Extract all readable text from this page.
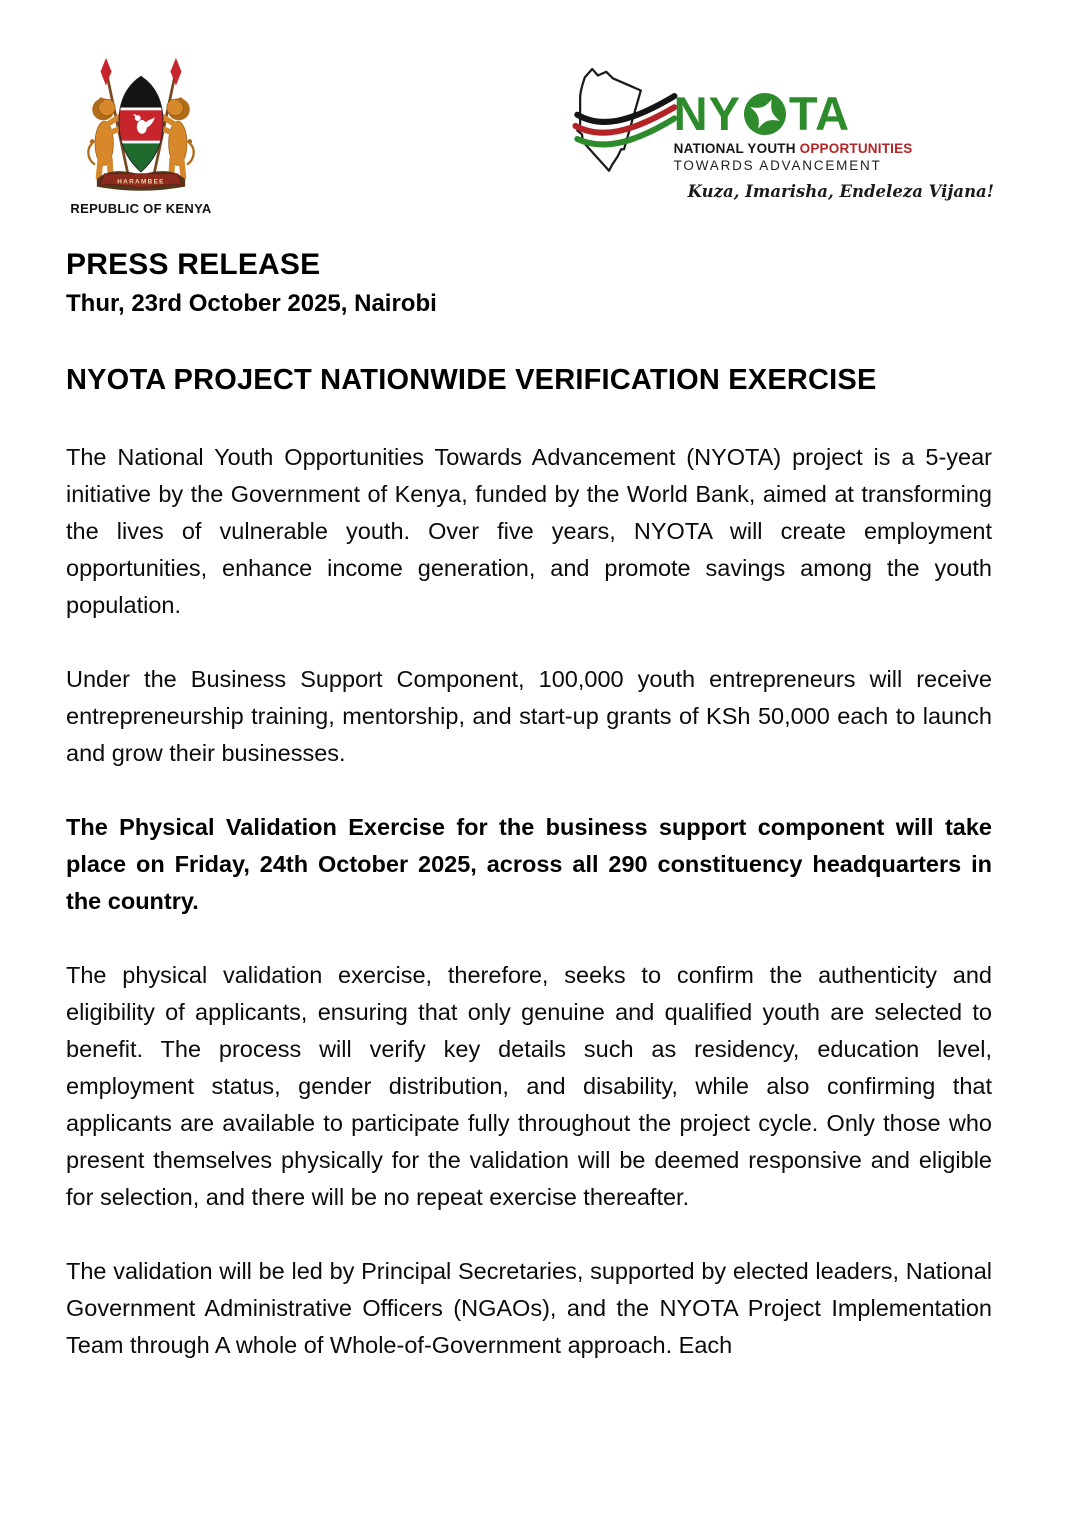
HARAMBEE
REPUBLIC OF KENYA
NY TA
NATIONAL YOUTH OPPORTUNITIES
TOWARDS ADVANCEMENT
Kuza, Imarisha, Endeleza Vijana!
PRESS RELEASE
Thur, 23rd October 2025, Nairobi
NYOTA PROJECT NATIONWIDE VERIFICATION EXERCISE

The National Youth Opportunities Towards Advancement (NYOTA) project is a 5-year initiative by the Government of Kenya, funded by the World Bank, aimed at transforming the lives of vulnerable youth. Over five years, NYOTA will create employment opportunities, enhance income generation, and promote savings among the youth population.

Under the Business Support Component, 100,000 youth entrepreneurs will receive entrepreneurship training, mentorship, and start-up grants of KSh 50,000 each to launch and grow their businesses.

The Physical Validation Exercise for the business support component will take place on Friday, 24th October 2025, across all 290 constituency headquarters in the country.

The physical validation exercise, therefore, seeks to confirm the authenticity and eligibility of applicants, ensuring that only genuine and qualified youth are selected to benefit. The process will verify key details such as residency, education level, employment status, gender distribution, and disability, while also confirming that applicants are available to participate fully throughout the project cycle. Only those who present themselves physically for the validation will be deemed responsive and eligible for selection, and there will be no repeat exercise thereafter.

The validation will be led by Principal Secretaries, supported by elected leaders, National Government Administrative Officers (NGAOs), and the NYOTA Project Implementation Team through A whole of Whole-of-Government approach. Each
